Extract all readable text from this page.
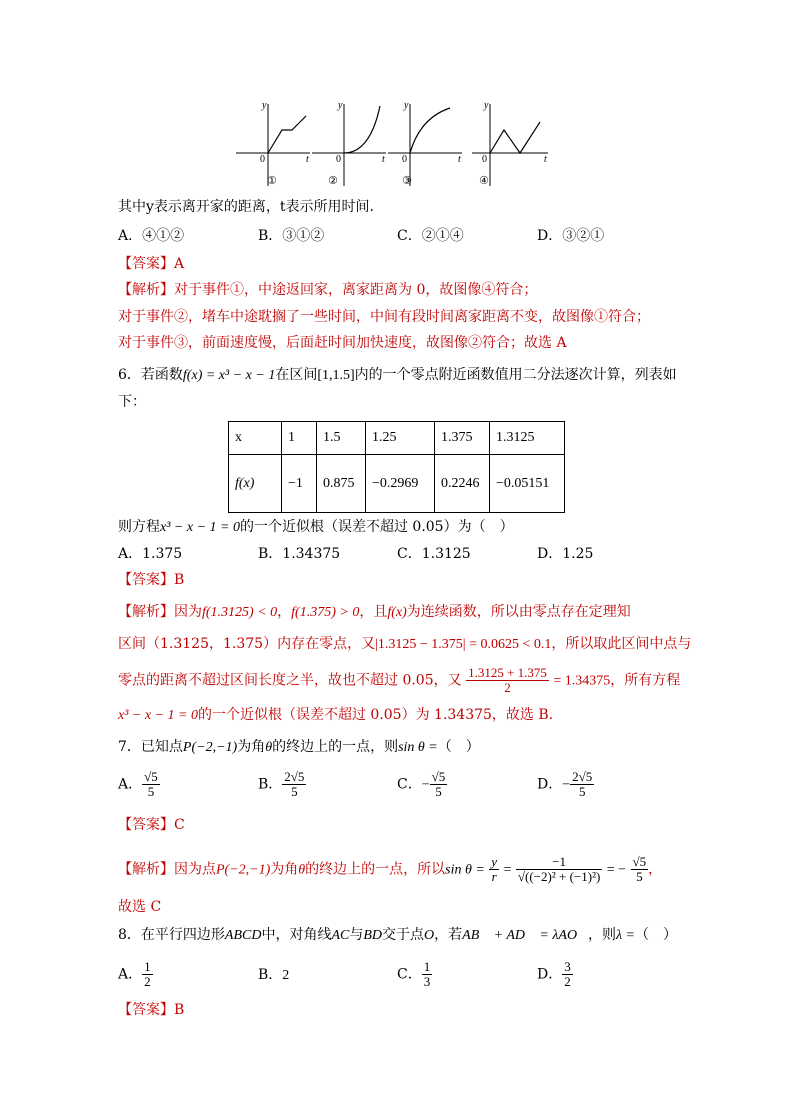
y
t
0
①
y
t
0
②
y
t
0
③
y
t
0
④
其中y表示离开家的距离，t表示所用时间.
A．④①②	B．③①②	C．②①④	D．③②①
【答案】A
【解析】对于事件①，中途返回家，离家距离为 0，故图像④符合；
对于事件②，堵车中途耽搁了一些时间，中间有段时间离家距离不变，故图像①符合；
对于事件③，前面速度慢，后面赶时间加快速度，故图像②符合；故选 A
6．若函数f(x) = x³ − x − 1在区间[1,1.5]内的一个零点附近函数值用二分法逐次计算，列表如
下：
x	1	1.5	1.25	1.375	1.3125
f(x)	−1	0.875	−0.2969	0.2246	−0.05151
则方程x³ − x − 1 = 0的一个近似根（误差不超过 0.05）为（　）
A．1.375	B．1.34375	C．1.3125	D．1.25
【答案】B
【解析】因为f(1.3125) < 0，f(1.375) > 0，且f(x)为连续函数，所以由零点存在定理知
区间（1.3125，1.375）内存在零点，又|1.3125 − 1.375| = 0.0625 < 0.1，所以取此区间中点与
零点的距离不超过区间长度之半，故也不超过 0.05，又 $\frac{1.3125 + 1.375}{2} = 1.34375$，所有方程
x³ − x − 1 = 0的一个近似根（误差不超过 0.05）为 1.34375，故选 B.
7．已知点P(−2,−1)为角θ的终边上的一点，则sin θ =（　）
A． $\frac{√5}{5}$	B． $\frac{2√5}{5}$	C．− $\frac{√5}{5}$	D．− $\frac{2√5}{5}$
【答案】C
【解析】因为点P(−2,−1)为角θ的终边上的一点，所以$\sin \theta = \frac{y}{r} = \frac{-1}{\text{√((−2)² + (−1)²)}}$ = − $\frac{√5}{5}$ ，
故选 C
8．在平行四边形ABCD中，对角线AC与BD交于点O，若AB⃗ + AD⃗ = λAO⃗，则λ =（　）
A． $\frac{1}{2}$	B．2	C． $\frac{1}{3}$	D． $\frac{3}{2}$
【答案】B
